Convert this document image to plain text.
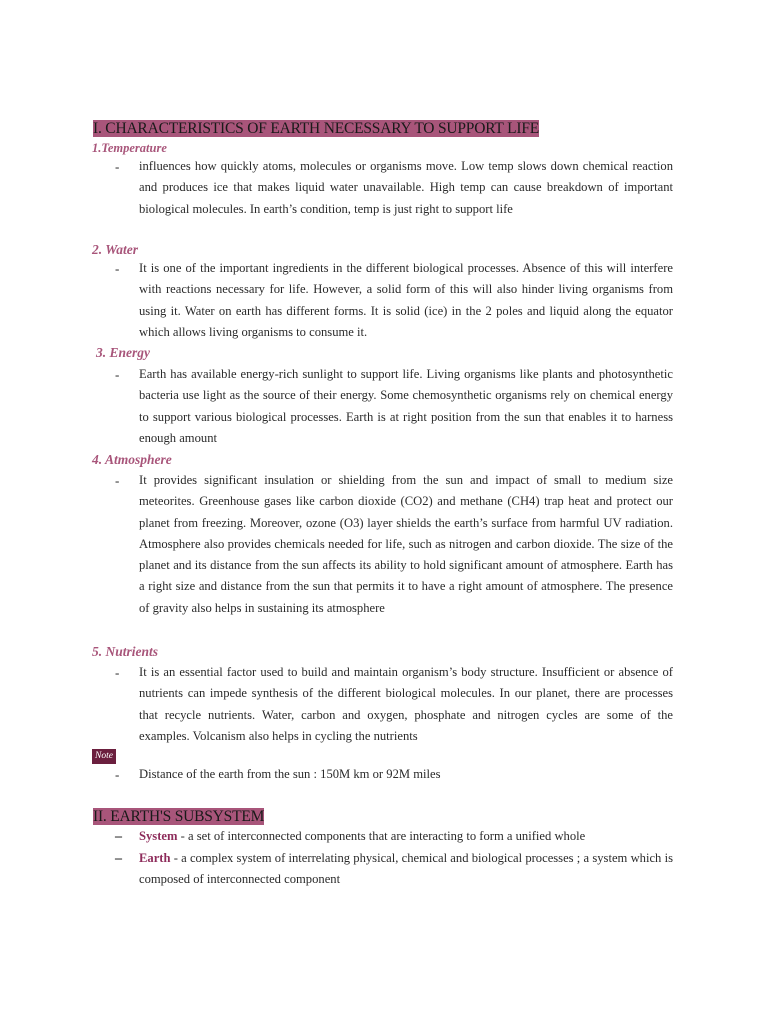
I. CHARACTERISTICS OF EARTH NECESSARY TO SUPPORT LIFE
1.Temperature
- influences how quickly atoms, molecules or organisms move. Low temp slows down chemical reaction and produces ice that makes liquid water unavailable. High temp can cause breakdown of important biological molecules. In earth’s condition, temp is just right to support life
2. Water
- It is one of the important ingredients in the different biological processes. Absence of this will interfere with reactions necessary for life. However, a solid form of this will also hinder living organisms from using it. Water on earth has different forms. It is solid (ice) in the 2 poles and liquid along the equator which allows living organisms to consume it.
3. Energy
- Earth has available energy-rich sunlight to support life. Living organisms like plants and photosynthetic bacteria use light as the source of their energy. Some chemosynthetic organisms rely on chemical energy to support various biological processes. Earth is at right position from the sun that enables it to harness enough amount
4. Atmosphere
- It provides significant insulation or shielding from the sun and impact of small to medium size meteorites. Greenhouse gases like carbon dioxide (CO2) and methane (CH4) trap heat and protect our planet from freezing. Moreover, ozone (O3) layer shields the earth’s surface from harmful UV radiation. Atmosphere also provides chemicals needed for life, such as nitrogen and carbon dioxide. The size of the planet and its distance from the sun affects its ability to hold significant amount of atmosphere. Earth has a right size and distance from the sun that permits it to have a right amount of atmosphere. The presence of gravity also helps in sustaining its atmosphere
5. Nutrients
- It is an essential factor used to build and maintain organism’s body structure. Insufficient or absence of nutrients can impede synthesis of the different biological molecules. In our planet, there are processes that recycle nutrients. Water, carbon and oxygen, phosphate and nitrogen cycles are some of the examples. Volcanism also helps in cycling the nutrients
Note
- Distance of the earth from the sun : 150M km or 92M miles
II. EARTH'S SUBSYSTEM
– System - a set of interconnected components that are interacting to form a unified whole
– Earth - a complex system of interrelating physical, chemical and biological processes ; a system which is composed of interconnected component
